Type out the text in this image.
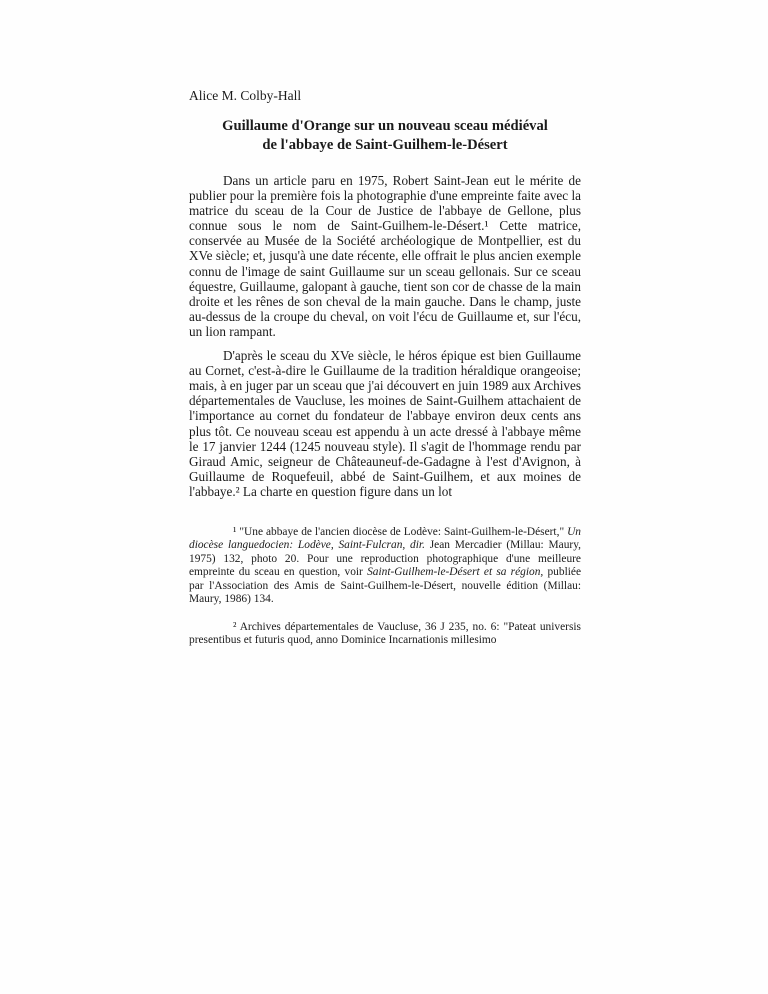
Alice M. Colby-Hall
Guillaume d'Orange sur un nouveau sceau médiéval
de l'abbaye de Saint-Guilhem-le-Désert

Dans un article paru en 1975, Robert Saint-Jean eut le mérite de publier pour la première fois la photographie d'une empreinte faite avec la matrice du sceau de la Cour de Justice de l'abbaye de Gellone, plus connue sous le nom de Saint-Guilhem-le-Désert.¹ Cette matrice, conservée au Musée de la Société archéologique de Montpellier, est du XVe siècle; et, jusqu'à une date récente, elle offrait le plus ancien exemple connu de l'image de saint Guillaume sur un sceau gellonais. Sur ce sceau équestre, Guillaume, galopant à gauche, tient son cor de chasse de la main droite et les rênes de son cheval de la main gauche. Dans le champ, juste au-dessus de la croupe du cheval, on voit l'écu de Guillaume et, sur l'écu, un lion rampant.

D'après le sceau du XVe siècle, le héros épique est bien Guillaume au Cornet, c'est-à-dire le Guillaume de la tradition héraldique orangeoise; mais, à en juger par un sceau que j'ai découvert en juin 1989 aux Archives départementales de Vaucluse, les moines de Saint-Guilhem attachaient de l'importance au cornet du fondateur de l'abbaye environ deux cents ans plus tôt. Ce nouveau sceau est appendu à un acte dressé à l'abbaye même le 17 janvier 1244 (1245 nouveau style). Il s'agit de l'hommage rendu par Giraud Amic, seigneur de Châteauneuf-de-Gadagne à l'est d'Avignon, à Guillaume de Roquefeuil, abbé de Saint-Guilhem, et aux moines de l'abbaye.² La charte en question figure dans un lot

¹ "Une abbaye de l'ancien diocèse de Lodève: Saint-Guilhem-le-Désert," Un diocèse languedocien: Lodève, Saint-Fulcran, dir. Jean Mercadier (Millau: Maury, 1975) 132, photo 20. Pour une reproduction photographique d'une meilleure empreinte du sceau en question, voir Saint-Guilhem-le-Désert et sa région, publiée par l'Association des Amis de Saint-Guilhem-le-Désert, nouvelle édition (Millau: Maury, 1986) 134.

² Archives départementales de Vaucluse, 36 J 235, no. 6: "Pateat universis presentibus et futuris quod, anno Dominice Incarnationis millesimo
